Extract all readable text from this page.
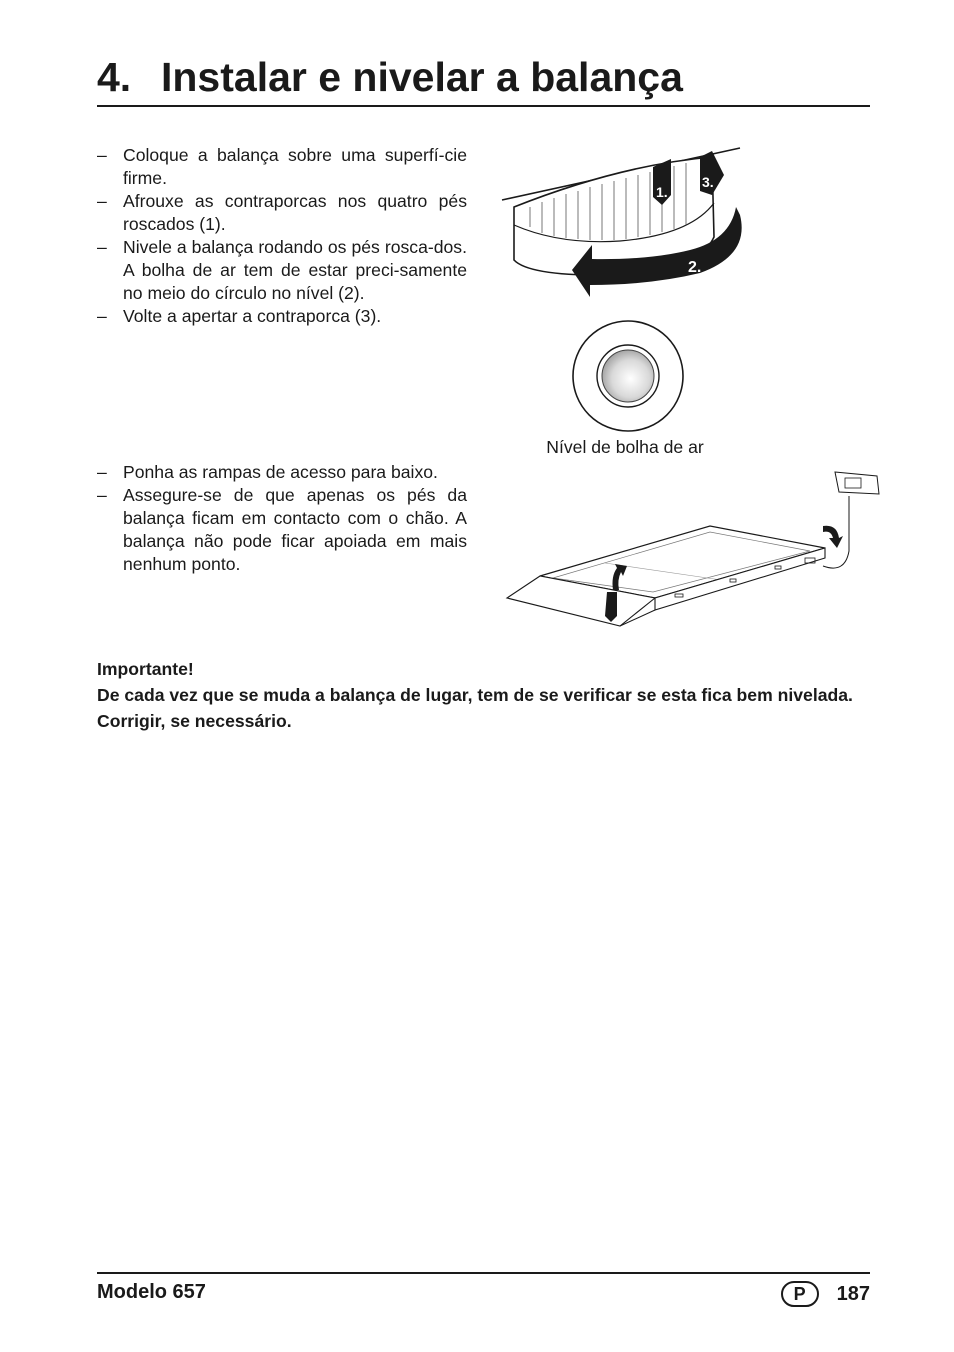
4. Instalar e nivelar a balança
– Coloque a balança sobre uma superfí-cie firme.
– Afrouxe as contraporcas nos quatro pés roscados (1).
– Nivele a balança rodando os pés rosca-dos. A bolha de ar tem de estar preci-samente no meio do círculo no nível (2).
– Volte a apertar a contraporca (3).
2.
1.
3.
Nível de bolha de ar
– Ponha as rampas de acesso para baixo.
– Assegure-se de que apenas os pés da balança ficam em contacto com o chão. A balança não pode ficar apoiada em mais nenhum ponto.
Importante!
De cada vez que se muda a balança de lugar, tem de se verificar se esta fica bem nivelada. Corrigir, se necessário.
Modelo 657	P	187
